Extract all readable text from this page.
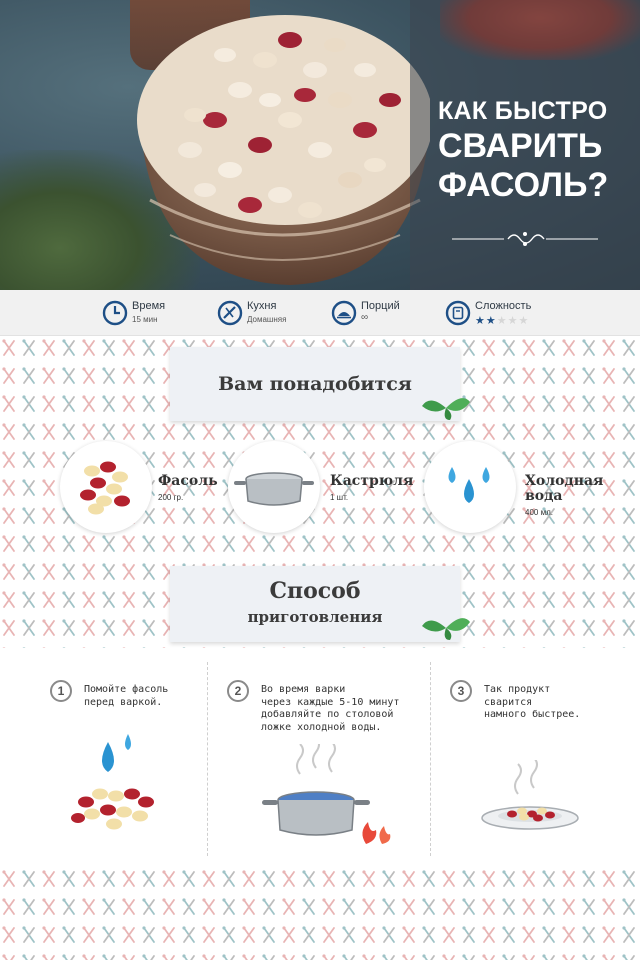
КАК БЫСТРО
СВАРИТЬ
ФАСОЛЬ?
Время
15 мин
Кухня
Домашняя
Порций
∞
Сложность
★★★★★
Вам понадобится
Фасоль
200 гр.
Кастрюля
1 шт.
Холодная
вода
400 мл.
Способ
приготовления
1	Помойте фасоль
перед варкой.
2	Во время варки
через каждые 5-10 минут
добавляйте по столовой
ложке холодной воды.
3	Так продукт
сварится
намного быстрее.
